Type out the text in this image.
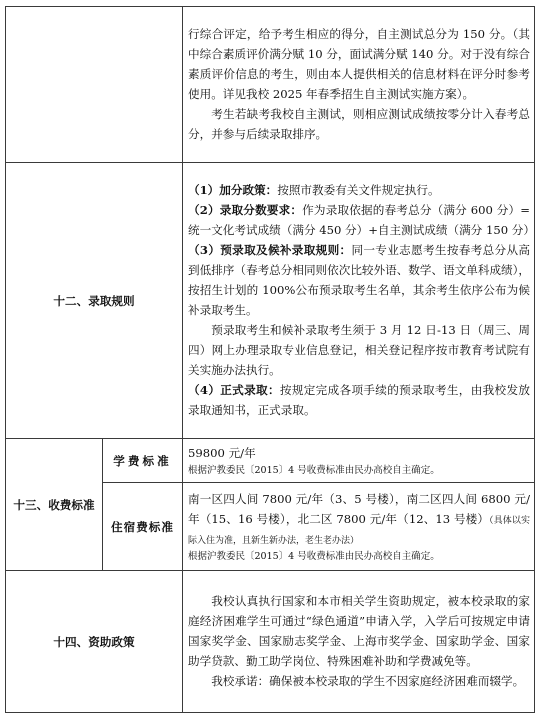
		行综合评定，给予考生相应的得分，自主测试总分为 150 分。（其中综合素质评价满分赋 10 分，面试满分赋 140 分。对于没有综合素质评价信息的考生，则由本人提供相关的信息材料在评分时参考使用。详见我校 2025 年春季招生自主测试实施方案）。

考生若缺考我校自主测试，则相应测试成绩按零分计入春考总分，并参与后续录取排序。

十二、录取规则		（1）加分政策：按照市教委有关文件规定执行。

（2）录取分数要求：作为录取依据的春考总分（满分 600 分）=统一文化考试成绩（满分 450 分）+自主测试成绩（满分 150 分）

（3）预录取及候补录取规则：同一专业志愿考生按春考总分从高到低排序（春考总分相同则依次比较外语、数学、语文单科成绩），按招生计划的 100%公布预录取考生名单，其余考生依序公布为候补录取考生。

预录取考生和候补录取考生须于 3 月 12 日-13 日（周三、周四）网上办理录取专业信息登记，相关登记程序按市教育考试院有关实施办法执行。

（4）正式录取：按规定完成各项手续的预录取考生，由我校发放录取通知书，正式录取。

十三、收费标准	学费标准	59800 元/年

根据沪教委民〔2015〕4 号收费标准由民办高校自主确定。

	住宿费标准	南一区四人间 7800 元/年（3、5 号楼），南二区四人间 6800 元/年（15、16 号楼），北二区 7800 元/年（12、13 号楼）（具体以实际入住为准，且新生新办法，老生老办法）

根据沪教委民〔2015〕4 号收费标准由民办高校自主确定。

十四、资助政策		我校认真执行国家和本市相关学生资助规定，被本校录取的家庭经济困难学生可通过“绿色通道”申请入学，入学后可按规定申请国家奖学金、国家励志奖学金、上海市奖学金、国家助学金、国家助学贷款、勤工助学岗位、特殊困难补助和学费减免等。

我校承诺：确保被本校录取的学生不因家庭经济困难而辍学。
